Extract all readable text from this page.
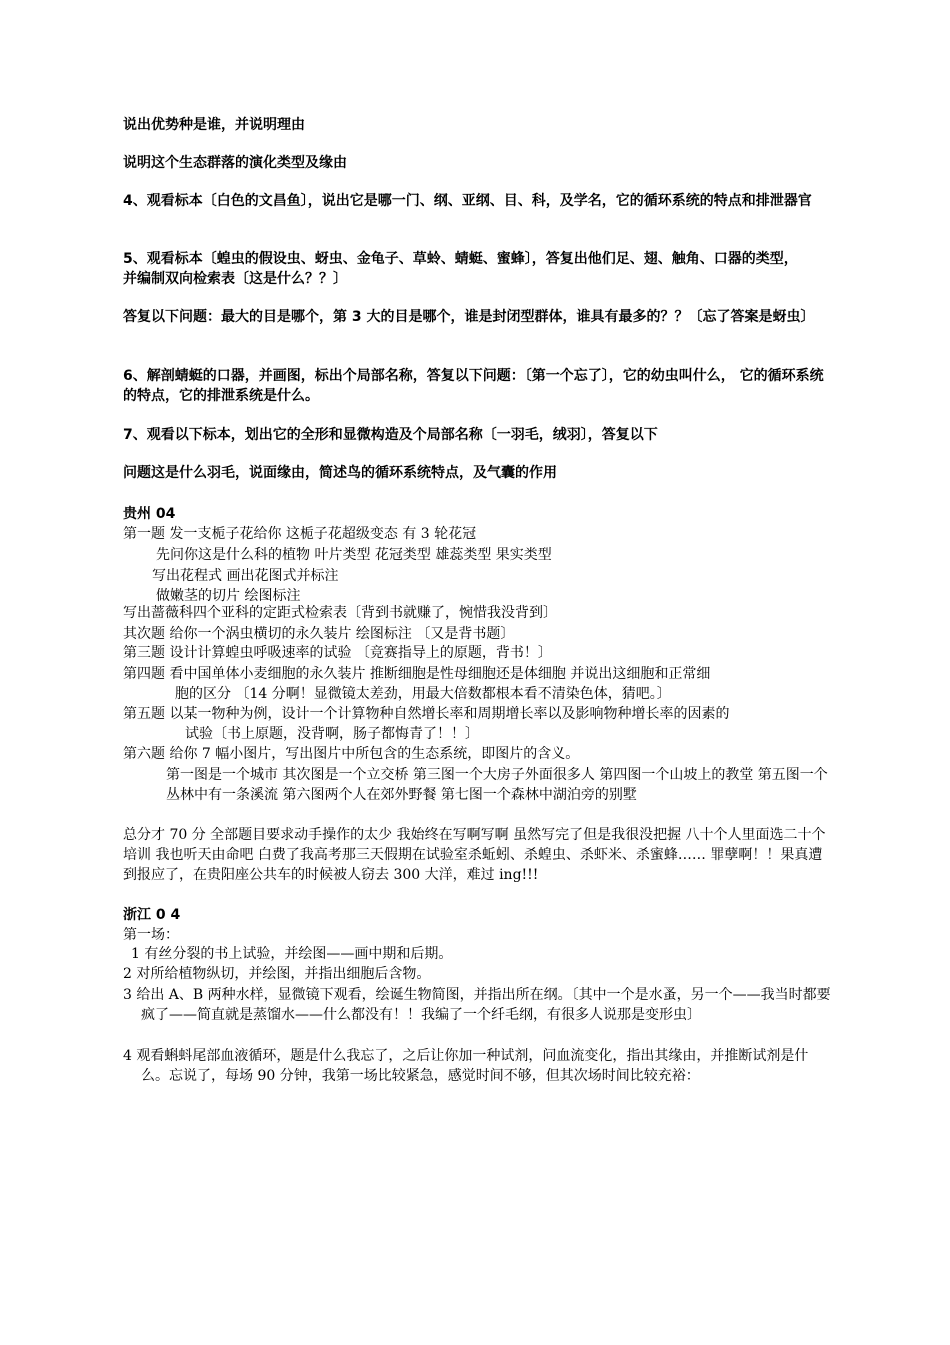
说出优势种是谁，并说明理由

说明这个生态群落的演化类型及缘由

4、观看标本〔白色的文昌鱼〕，说出它是哪一门、纲、亚纲、目、科，及学名，它的循环系统的特点和排泄器官

5、观看标本〔蝗虫的假设虫、蚜虫、金龟子、草蛉、蜻蜓、蜜蜂〕，答复出他们足、翅、触角、口器的类型，并编制双向检索表〔这是什么？？〕

答复以下问题：最大的目是哪个，第 3 大的目是哪个，谁是封闭型群体，谁具有最多的？？〔忘了答案是蚜虫〕

6、解剖蜻蜓的口器，并画图，标出个局部名称，答复以下问题：〔第一个忘了〕，它的幼虫叫什么， 它的循环系统的特点，它的排泄系统是什么。

7、观看以下标本，划出它的全形和显微构造及个局部名称〔一羽毛，绒羽〕，答复以下

问题这是什么羽毛，说面缘由，简述鸟的循环系统特点，及气囊的作用

贵州 04

第一题 发一支栀子花给你 这栀子花超级变态 有 3 轮花冠

先问你这是什么科的植物 叶片类型 花冠类型 雄蕊类型 果实类型

写出花程式 画出花图式并标注

做嫩茎的切片 绘图标注

写出蔷薇科四个亚科的定距式检索表〔背到书就赚了，惋惜我没背到〕

其次题 给你一个涡虫横切的永久装片 绘图标注 〔又是背书题〕

第三题 设计计算蝗虫呼吸速率的试验 〔竞赛指导上的原题，背书！〕

第四题 看中国单体小麦细胞的永久装片 推断细胞是性母细胞还是体细胞 并说出这细胞和正常细

胞的区分 〔14 分啊！显微镜太差劲，用最大倍数都根本看不清染色体，猜吧。〕

第五题 以某一物种为例，设计一个计算物种自然增长率和周期增长率以及影响物种增长率的因素的

试验〔书上原题，没背啊，肠子都悔青了！！〕

第六题 给你 7 幅小图片，写出图片中所包含的生态系统，即图片的含义。

第一图是一个城市 其次图是一个立交桥 第三图一个大房子外面很多人 第四图一个山坡上的教堂 第五图一个丛林中有一条溪流 第六图两个人在郊外野餐 第七图一个森林中湖泊旁的别墅

总分才 70 分 全部题目要求动手操作的太少 我始终在写啊写啊 虽然写完了但是我很没把握 八十个人里面选二十个培训 我也听天由命吧 白费了我高考那三天假期在试验室杀蚯蚓、杀蝗虫、杀虾米、杀蜜蜂…… 罪孽啊！！果真遭到报应了，在贵阳座公共车的时候被人窃去 300 大洋，难过 ing!!!

浙江 0 4

第一场：

1 有丝分裂的书上试验，并绘图——画中期和后期。

2 对所给植物纵切，并绘图，并指出细胞后含物。

3 给出 A、B 两种水样，显微镜下观看，绘诞生物简图，并指出所在纲。〔其中一个是水蚤，另一个——我当时都要疯了——简直就是蒸馏水——什么都没有！！我编了一个纤毛纲，有很多人说那是变形虫〕

4 观看蝌蚪尾部血液循环，题是什么我忘了，之后让你加一种试剂，问血流变化，指出其缘由，并推断试剂是什么。忘说了，每场 90 分钟，我第一场比较紧急，感觉时间不够，但其次场时间比较充裕：
